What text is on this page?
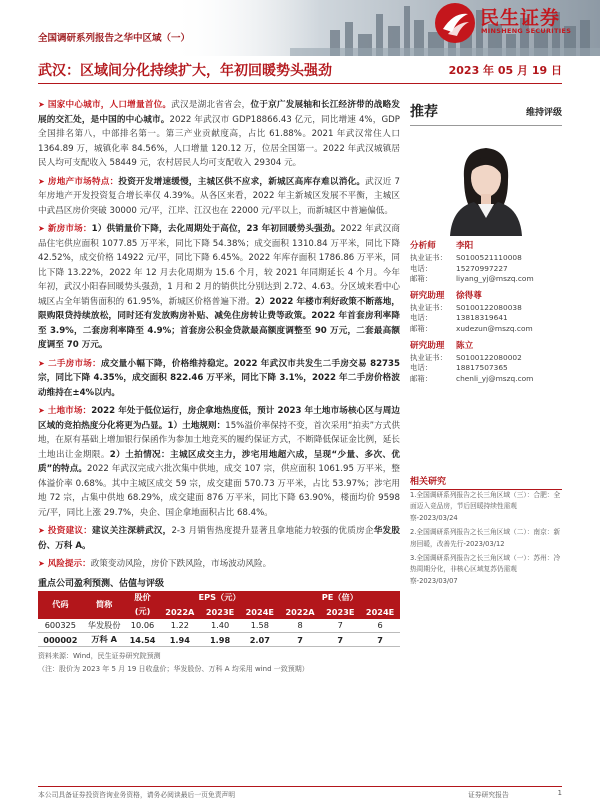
全国调研系列报告之华中区域（一）
民生证券
MINSHENG SECURITIES
武汉：区域间分化持续扩大，年初回暖势头强劲	2023 年 05 月 19 日
➤ 国家中心城市，人口增量首位。武汉是湖北省省会，位于京广发展轴和长江经济带的战略发展的交汇处，是中国的中心城市。2022 年武汉市 GDP18866.43 亿元，同比增速 4%，GDP 全国排名第八，中部排名第一。第三产业贡献度高，占比 61.88%。2021 年武汉常住人口 1364.89 万，城镇化率 84.56%，人口增量 120.12 万，位居全国第一。2022 年武汉城镇居民人均可支配收入 58449 元，农村居民人均可支配收入 29304 元。
➤ 房地产市场特点：投资开发增速缓慢，主城区供不应求，新城区高库存难以消化。武汉近 7 年房地产开发投资复合增长率仅 4.39%。从各区来看，2022 年主新城区发展不平衡，主城区中武昌区房价突破 30000 元/平，江岸、江汉也在 22000 元/平以上，而新城区中普遍偏低。
➤ 新房市场：1）供销量价下降，去化周期处于高位，23 年初回暖势头强劲。2022 年武汉商品住宅供应面积 1077.85 万平米，同比下降 54.38%；成交面积 1310.84 万平米，同比下降 42.52%，成交价格 14922 元/平，同比下降 6.45%。2022 年库存面积 1786.86 万平米，同比下降 13.22%，2022 年 12 月去化周期为 15.6 个月，较 2021 年同期延长 4 个月。今年年初，武汉小阳春回暖势头强劲，1 月和 2 月的销供比分别达到 2.72、4.63。分区域来看中心城区占全年销售面积的 61.95%，新城区价格普遍下滑。2）2022 年楼市利好政策不断落地，限购限贷持续放松，同时还有发放购房补贴、减免住房转让费等政策。2022 年首套房利率降至 3.9%，二套房利率降至 4.9%；首套房公积金贷款最高额度调整至 90 万元，二套最高额度调至 70 万元。
➤ 二手房市场：成交量小幅下降，价格维持稳定。2022 年武汉市共发生二手房交易 82735 宗，同比下降 4.35%，成交面积 822.46 万平米，同比下降 3.1%，2022 年二手房价格波动维持在±4%以内。
➤ 土地市场：2022 年处于低位运行，房企拿地热度低，预计 2023 年土地市场核心区与周边区域的竞拍热度分化将更为凸显。1）土地规则：15%溢价率保持不变，首次采用“拍卖”方式供地，在原有基础上增加银行保函作为参加土地竞买的履约保证方式，不断降低保证金比例，延长土地出让金期限。2）土拍情况：主城区成交主力，涉宅用地超六成，呈现“少量、多次、优质”的特点。2022 年武汉完成六批次集中供地，成交 107 宗，供应面积 1061.95 万平米，整体溢价率 0.68%。其中主城区成交 59 宗，成交建面 570.73 万平米，占比 53.97%；涉宅用地 72 宗，占集中供地 68.29%，成交建面 876 万平米，同比下降 63.90%，楼面均价 9598 元/平，同比上涨 29.7%，央企、国企拿地面积占比 68.4%。
➤ 投资建议：建议关注深耕武汉，2-3 月销售热度提升显著且拿地能力较强的优质房企华发股份、万科 A。
➤ 风险提示：政策变动风险，房价下跌风险，市场波动风险。
重点公司盈利预测、估值与评级
代码	简称	股价	EPS（元）			PE（倍）		
		(元)	2022A	2023E	2024E	2022A	2023E	2024E
600325	华发股份	10.06	1.22	1.40	1.58	8	7	6
000002	万科 A	14.54	1.94	1.98	2.07	7	7	7
资料来源：Wind，民生证券研究院预测
（注：股价为 2023 年 5 月 19 日收盘价；华发股份、万科 A 均采用 wind 一致预期）
推荐	维持评级
分析师 李阳
执业证书： S0100521110008
电话：	15270997227
邮箱：	liyang_yj@mszq.com
研究助理 徐得尊
执业证书： S0100122080038
电话：	13818319641
邮箱：	xudezun@mszq.com
研究助理 陈立
执业证书： S0100122080002
电话：	18817507365
邮箱：	chenli_yj@mszq.com
相关研究
1.全国调研系列报告之长三角区域（三）：合肥：全面迈入竞品房，节后回暖持续性需观察-2023/03/24
2.全国调研系列报告之长三角区域（二）：南京：新房回暖，改善先行-2023/03/12
3.全国调研系列报告之长三角区域（一）：苏州：冷热周期分化，非核心区域复苏仍需观察-2023/03/07
本公司具备证券投资咨询业务资格，请务必阅读最后一页免责声明	证券研究报告	1
